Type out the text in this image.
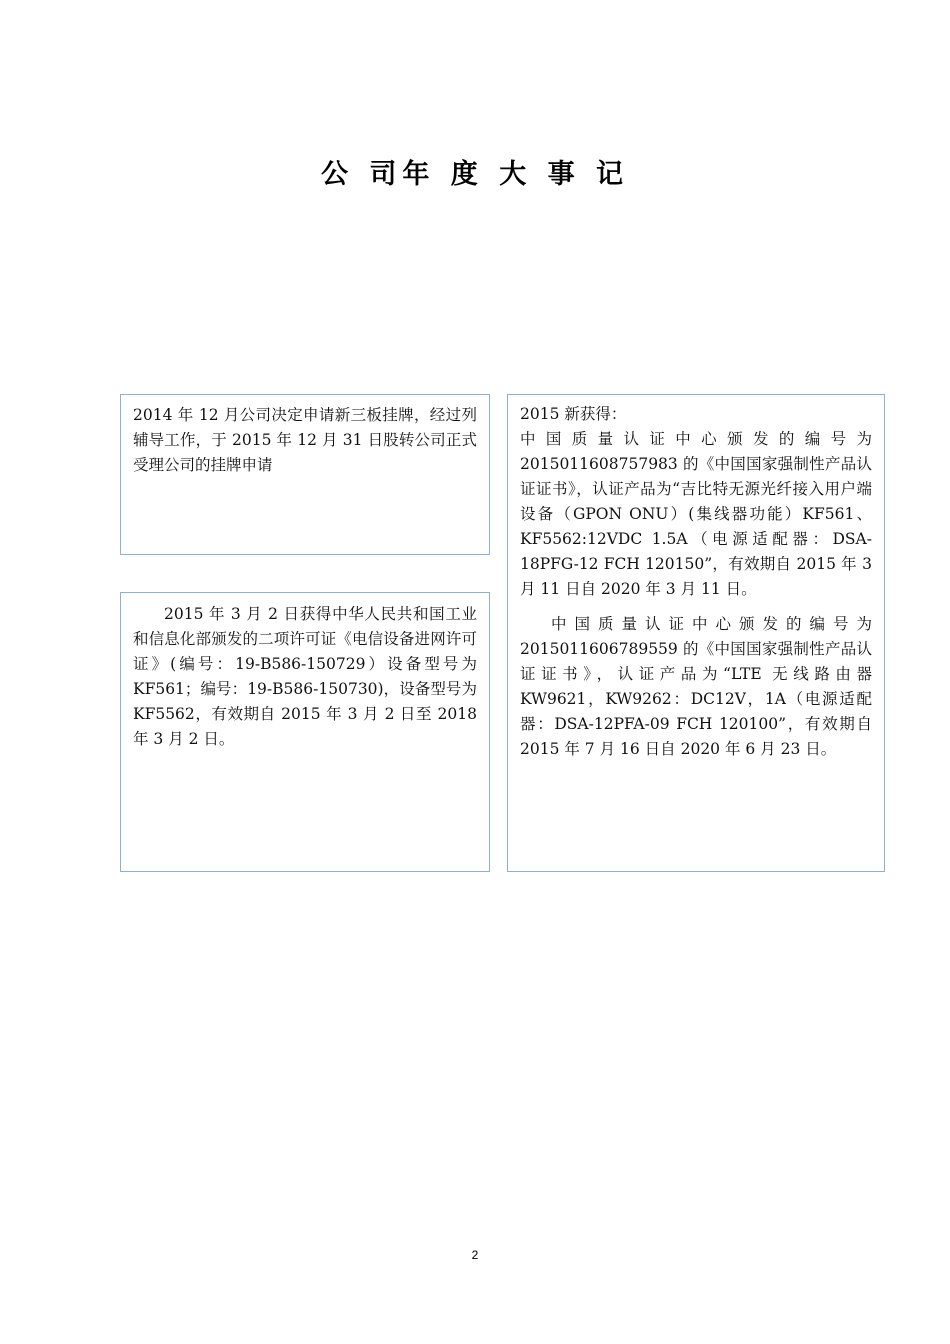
公 司年 度 大 事 记

2014 年 12 月公司决定申请新三板挂牌，经过列辅导工作，于 2015 年 12 月 31 日股转公司正式受理公司的挂牌申请

2015 年 3 月 2 日获得中华人民共和国工业和信息化部颁发的二项许可证《电信设备进网许可证》(编号：19-B586-150729）设备型号为 KF561；编号：19-B586-150730)，设备型号为 KF5562，有效期自 2015 年 3 月 2 日至 2018 年 3 月 2 日。

2015 新获得：

中国质量认证中心颁发的编号为 2015011608757983 的《中国国家强制性产品认证证书》，认证产品为“吉比特无源光纤接入用户端设备（GPON ONU）(集线器功能）KF561、KF5562:12VDC 1.5A（电源适配器：DSA-18PFG-12 FCH 120150”，有效期自 2015 年 3 月 11 日自 2020 年 3 月 11 日。

中国质量认证中心颁发的编号为 2015011606789559 的《中国国家强制性产品认证证书》，认证产品为“LTE 无线路由器 KW9621，KW9262：DC12V，1A（电源适配器：DSA-12PFA-09 FCH 120100”，有效期自 2015 年 7 月 16 日自 2020 年 6 月 23 日。

2
